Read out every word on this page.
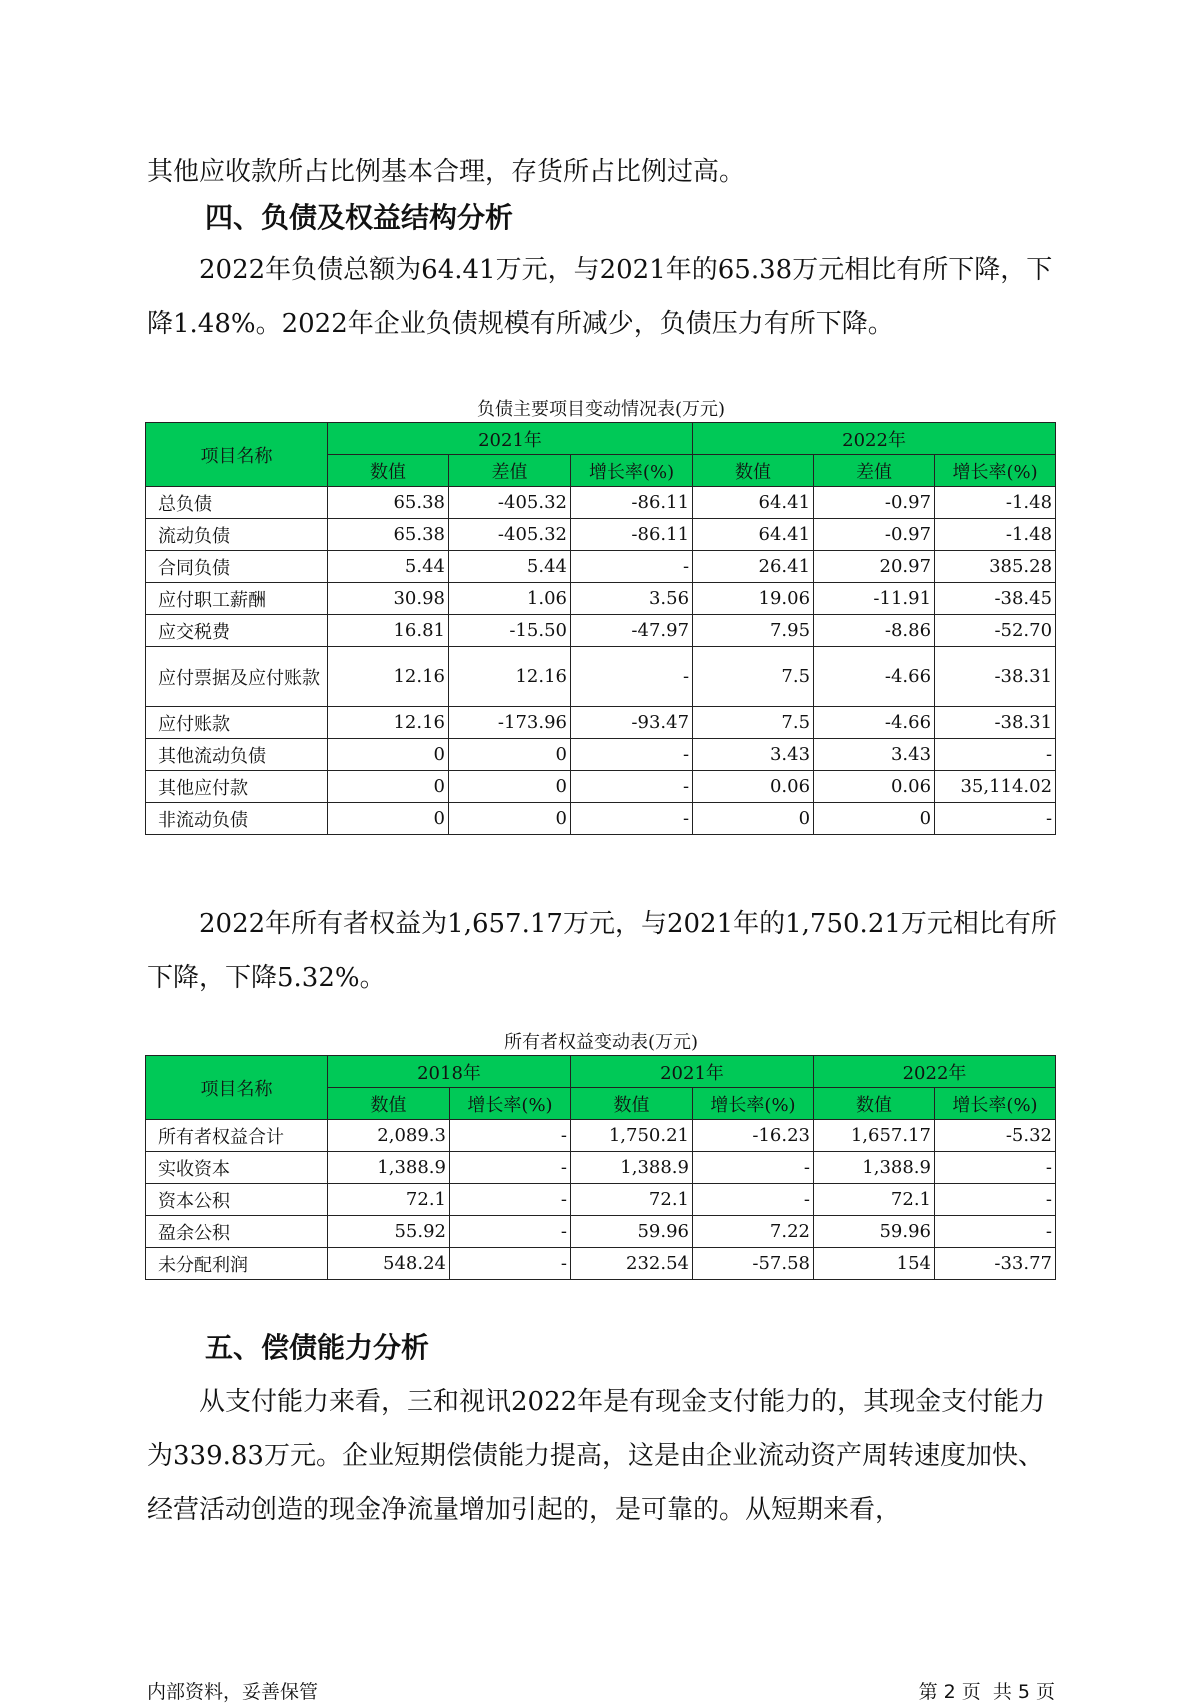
其他应收款所占比例基本合理，存货所占比例过高。

四、负债及权益结构分析

2022年负债总额为64.41万元，与2021年的65.38万元相比有所下降，下降1.48%。2022年企业负债规模有所减少，负债压力有所下降。

负债主要项目变动情况表(万元)
项目名称	2021年			2022年		
	数值	差值	增长率(%)	数值	差值	增长率(%)
总负债	65.38	-405.32	-86.11	64.41	-0.97	-1.48
流动负债	65.38	-405.32	-86.11	64.41	-0.97	-1.48
合同负债	5.44	5.44	-	26.41	20.97	385.28
应付职工薪酬	30.98	1.06	3.56	19.06	-11.91	-38.45
应交税费	16.81	-15.50	-47.97	7.95	-8.86	-52.70
应付票据及应付账款	12.16	12.16	-	7.5	-4.66	-38.31
应付账款	12.16	-173.96	-93.47	7.5	-4.66	-38.31
其他流动负债	0	0	-	3.43	3.43	-
其他应付款	0	0	-	0.06	0.06	35,114.02
非流动负债	0	0	-	0	0	-

2022年所有者权益为1,657.17万元，与2021年的1,750.21万元相比有所下降，下降5.32%。

所有者权益变动表(万元)
项目名称	2018年		2021年		2022年	
	数值	增长率(%)	数值	增长率(%)	数值	增长率(%)
所有者权益合计	2,089.3	-	1,750.21	-16.23	1,657.17	-5.32
实收资本	1,388.9	-	1,388.9	-	1,388.9	-
资本公积	72.1	-	72.1	-	72.1	-
盈余公积	55.92	-	59.96	7.22	59.96	-
未分配利润	548.24	-	232.54	-57.58	154	-33.77
五、偿债能力分析

从支付能力来看，三和视讯2022年是有现金支付能力的，其现金支付能力为339.83万元。企业短期偿债能力提高，这是由企业流动资产周转速度加快、经营活动创造的现金净流量增加引起的，是可靠的。从短期来看，

内部资料，妥善保管	第 2 页  共 5 页
